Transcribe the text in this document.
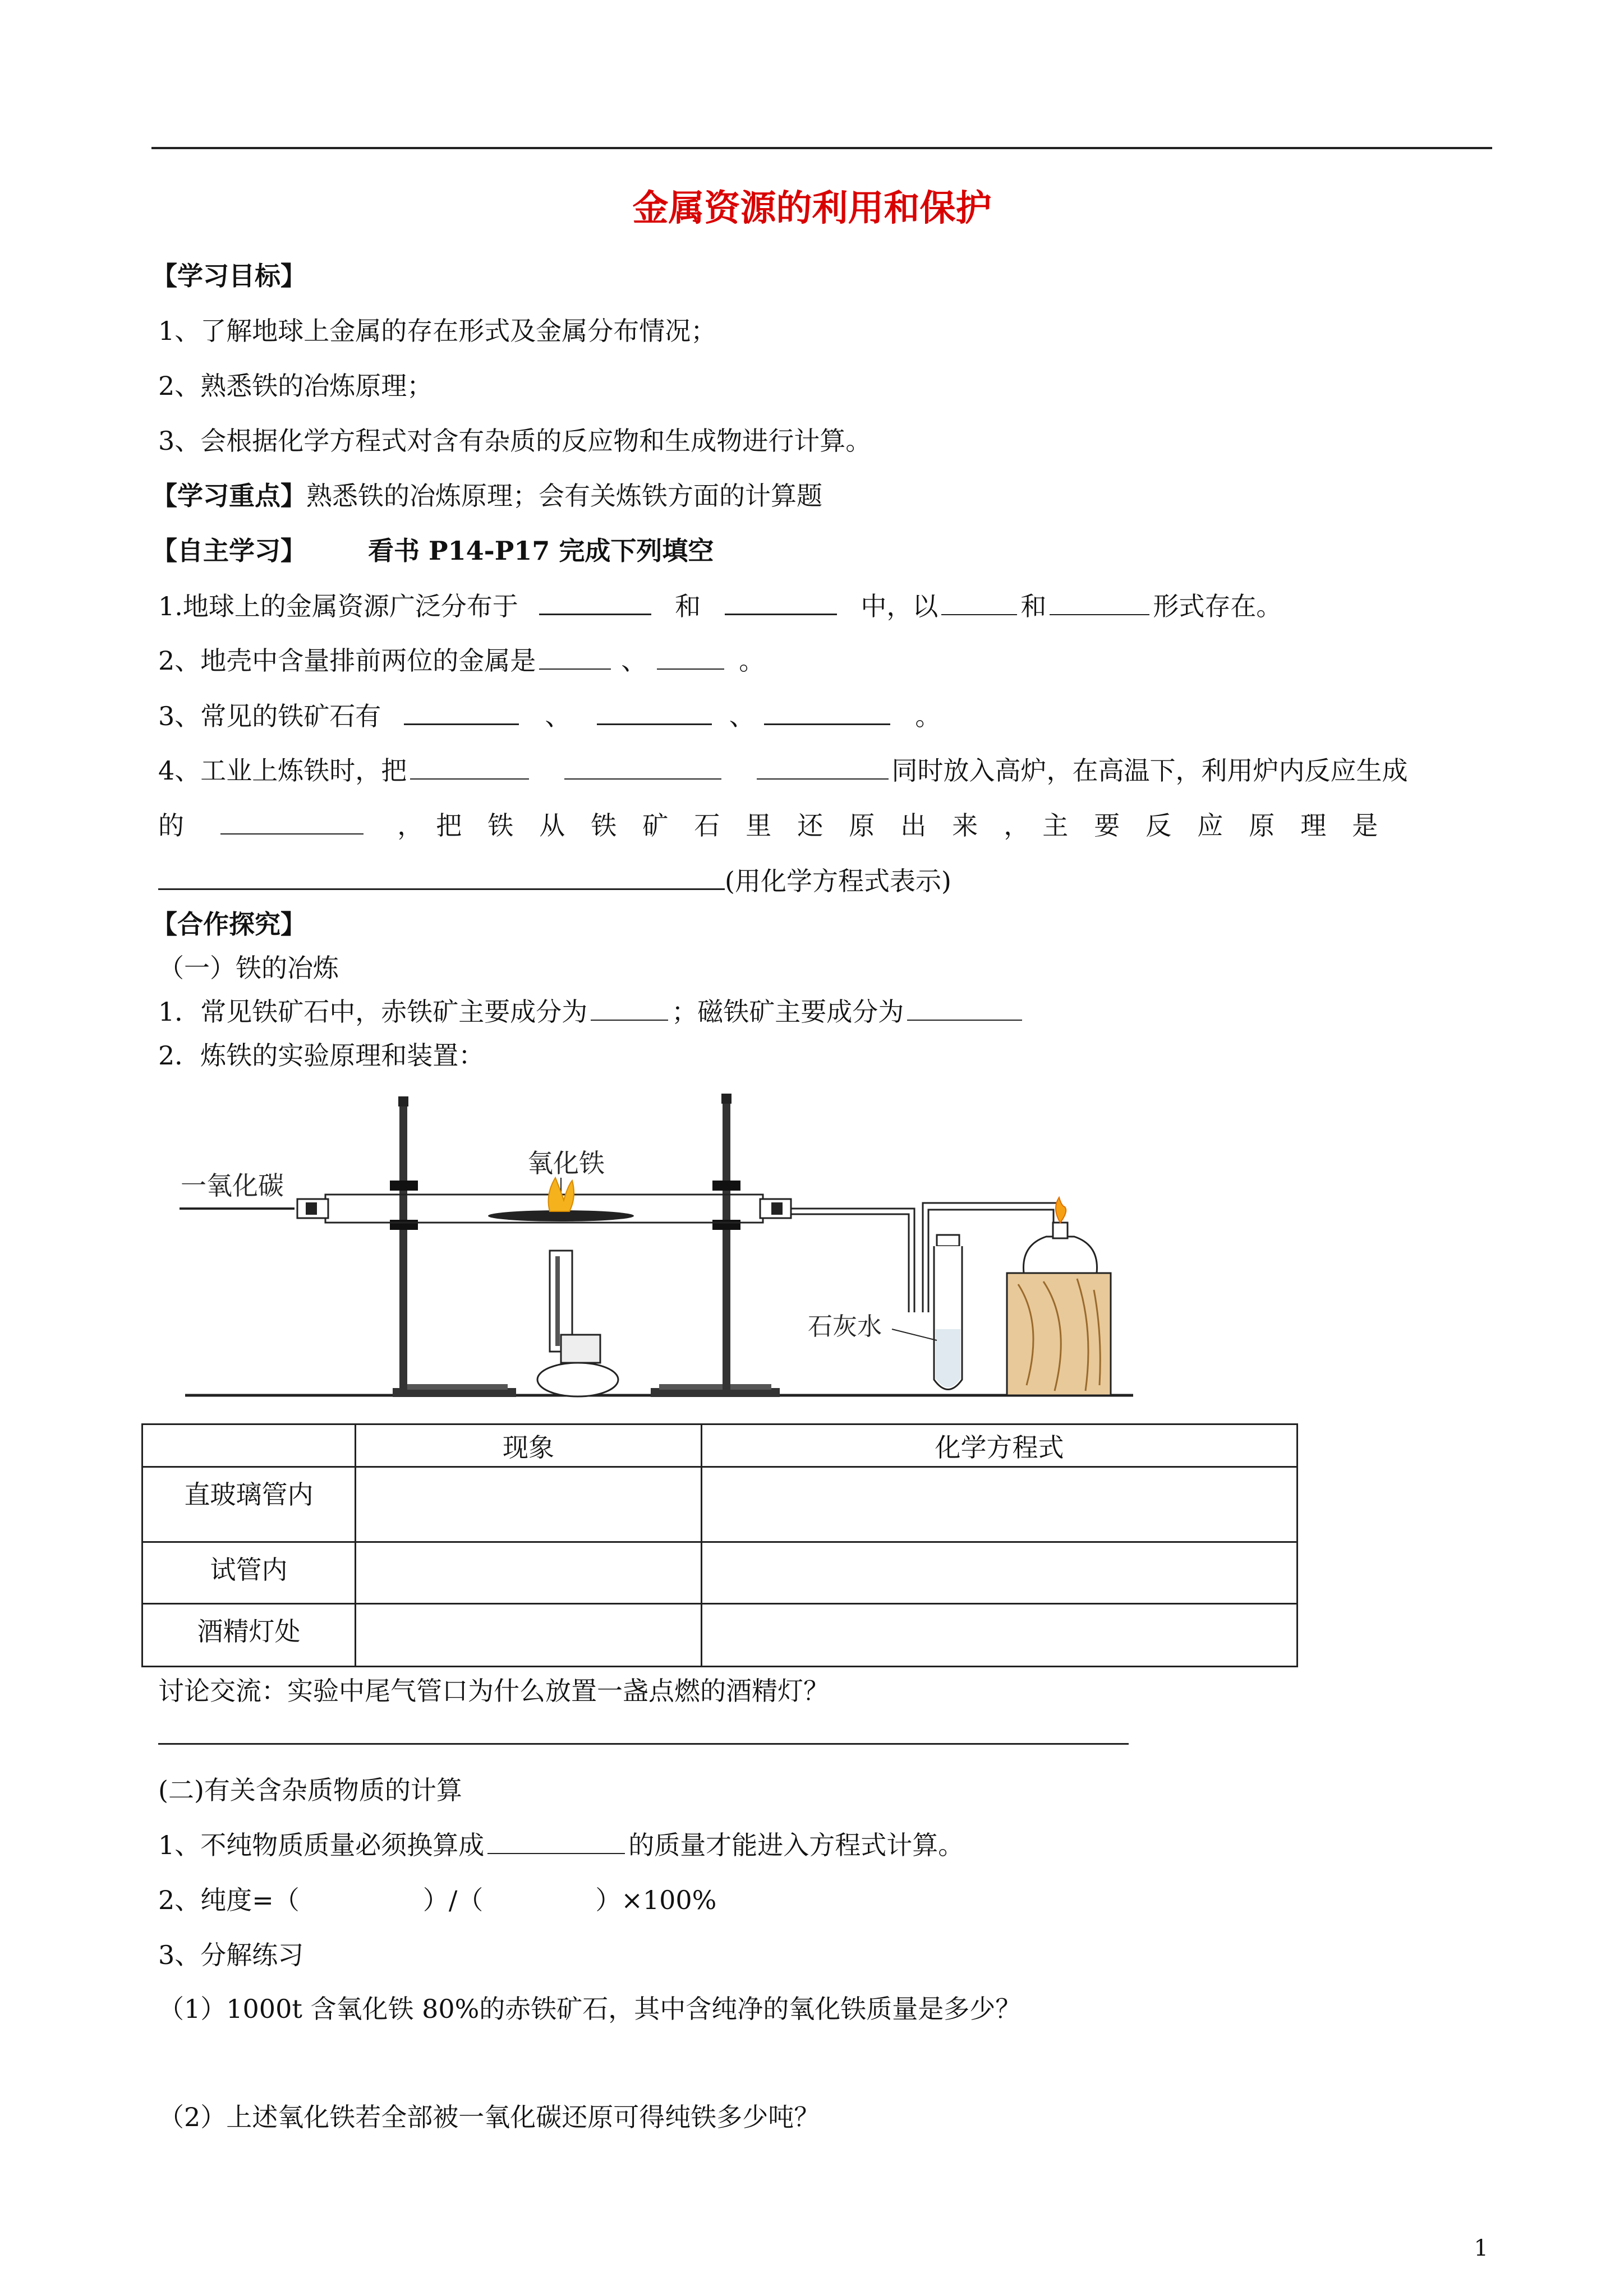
金属资源的利用和保护
【学习目标】
1、了解地球上金属的存在形式及金属分布情况；
2、熟悉铁的冶炼原理；
3、会根据化学方程式对含有杂质的反应物和生成物进行计算。
【学习重点】熟悉铁的冶炼原理；会有关炼铁方面的计算题
【自主学习】 看书 P14-P17 完成下列填空
1.地球上的金属资源广泛分布于	和	中，以	和	形式存在。
2、地壳中含量排前两位的金属是	、	。
3、常见的铁矿石有	、	、	。
4、工业上炼铁时，把	同时放入高炉，在高温下，利用炉内反应生成
的	，　把　铁　从　铁　矿　石　里　还　原　出　来　，　主　要　反　应　原　理　是
(用化学方程式表示)
【合作探究】
（一）铁的冶炼
1．常见铁矿石中，赤铁矿主要成分为	；磁铁矿主要成分为
2．炼铁的实验原理和装置：
一氧化碳
氧化铁
石灰水
	现象	化学方程式
直玻璃管内		
试管内		
酒精灯处		
讨论交流：实验中尾气管口为什么放置一盏点燃的酒精灯？
(二)有关含杂质物质的计算
1、不纯物质质量必须换算成	的质量才能进入方程式计算。
2、纯度=（	）/（	）×100%
3、分解练习
（1）1000t 含氧化铁 80%的赤铁矿石，其中含纯净的氧化铁质量是多少？
（2）上述氧化铁若全部被一氧化碳还原可得纯铁多少吨？
1
